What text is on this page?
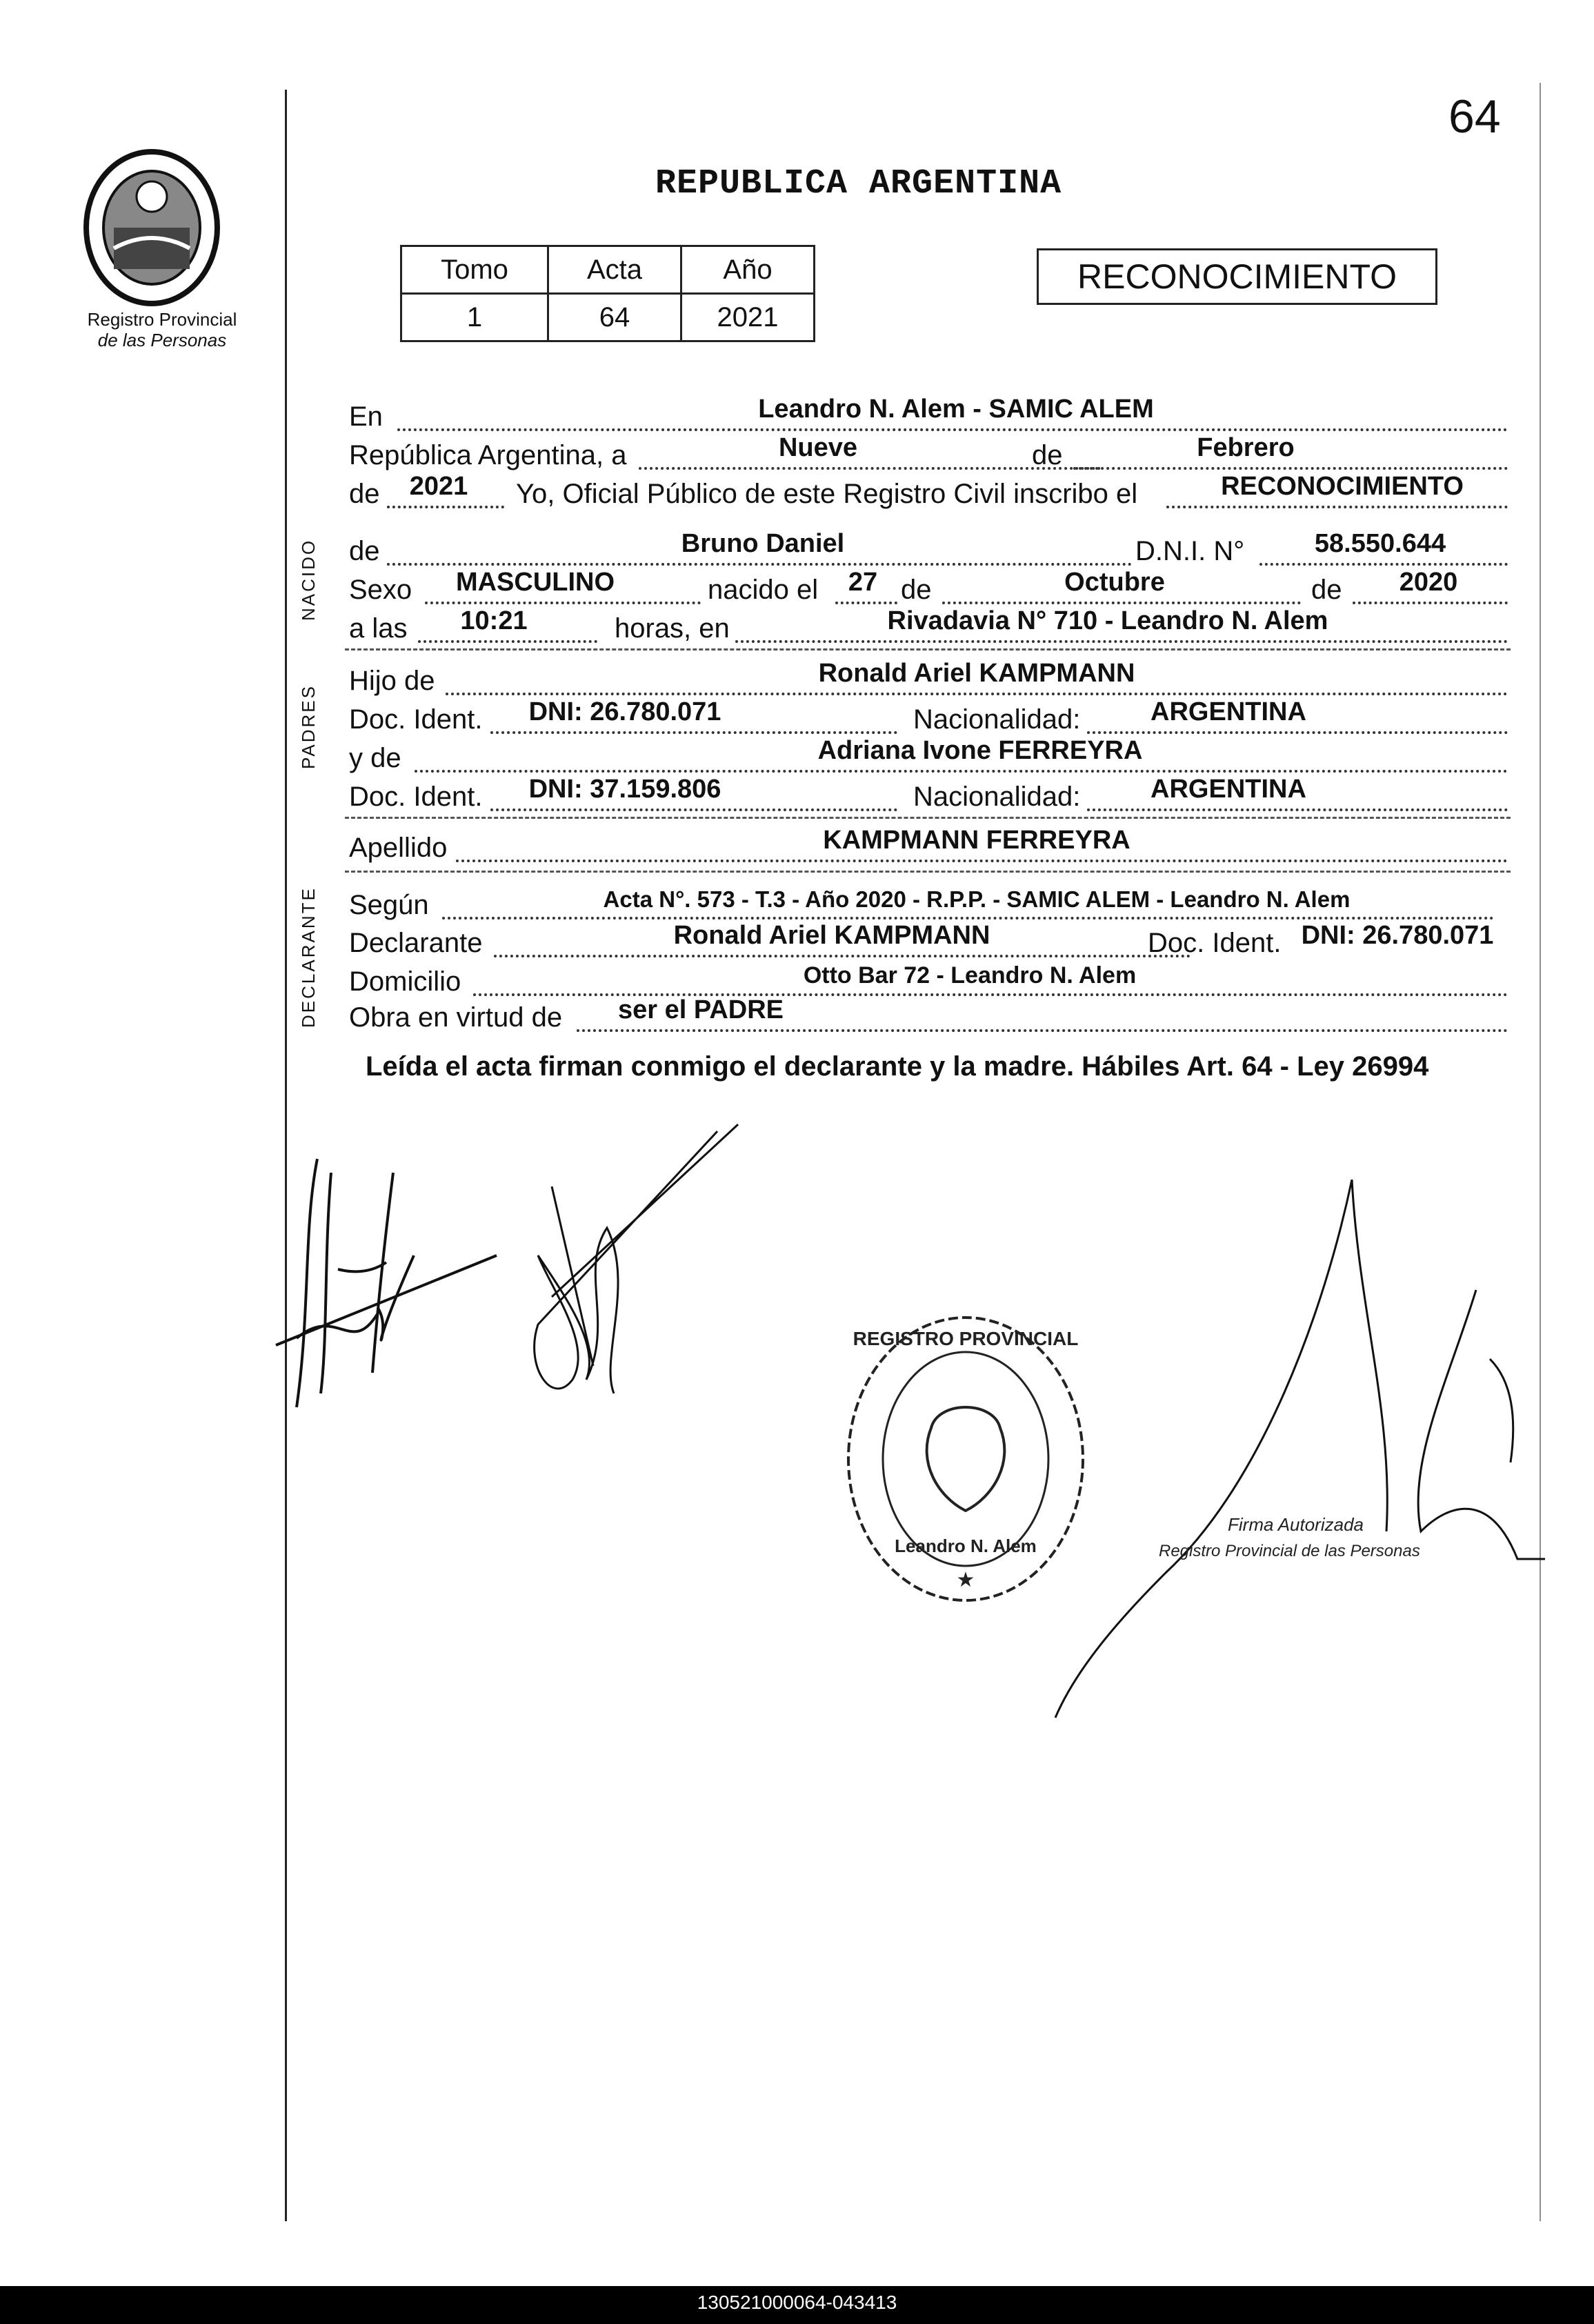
64
REPUBLICA ARGENTINA
Registro Provincial
de las Personas
Tomo	Acta	Año
1	64	2021
RECONOCIMIENTO
NACIDO
PADRES
DECLARANTE
En	Leandro N. Alem - SAMIC ALEM
República Argentina, a	Nueve	de	Febrero
de	2021	Yo, Oficial Público de este Registro Civil inscribo el	RECONOCIMIENTO
de	Bruno Daniel	D.N.I. N°	58.550.644
Sexo	MASCULINO	nacido el	27 de	Octubre	de	2020
a las	10:21	horas, en	Rivadavia N° 710 - Leandro N. Alem
Hijo de	Ronald Ariel KAMPMANN
Doc. Ident.	DNI: 26.780.071	Nacionalidad:	ARGENTINA
y de	Adriana Ivone FERREYRA
Doc. Ident.	DNI: 37.159.806	Nacionalidad:	ARGENTINA
Apellido	KAMPMANN FERREYRA
Según	Acta N°. 573 - T.3 - Año 2020 - R.P.P. - SAMIC ALEM - Leandro N. Alem
Declarante	Ronald Ariel KAMPMANN	Doc. Ident. DNI: 26.780.071
Domicilio	Otto Bar 72 - Leandro N. Alem
Obra en virtud de	ser el PADRE
Leída el acta firman conmigo el declarante y la madre. Hábiles Art. 64 - Ley 26994
Firma Autorizada
Registro Provincial de las Personas
REGISTRO PROVINCIAL
Leandro N. Alem
★
130521000064-043413
